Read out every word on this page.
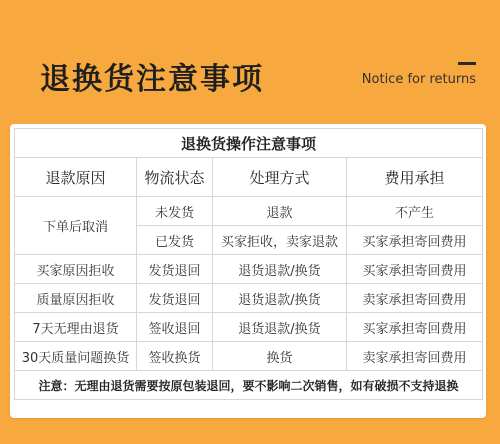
退换货注意事项	Notice for returns
退换货操作注意事项			
退款原因	物流状态	处理方式	费用承担
下单后取消	未发货	退款	不产生
	已发货	买家拒收，卖家退款	买家承担寄回费用
买家原因拒收	发货退回	退货退款/换货	买家承担寄回费用
质量原因拒收	发货退回	退货退款/换货	卖家承担寄回费用
7天无理由退货	签收退回	退货退款/换货	买家承担寄回费用
30天质量问题换货	签收换货	换货	卖家承担寄回费用
注意：无理由退货需要按原包装退回，要不影响二次销售，如有破损不支持退换			
